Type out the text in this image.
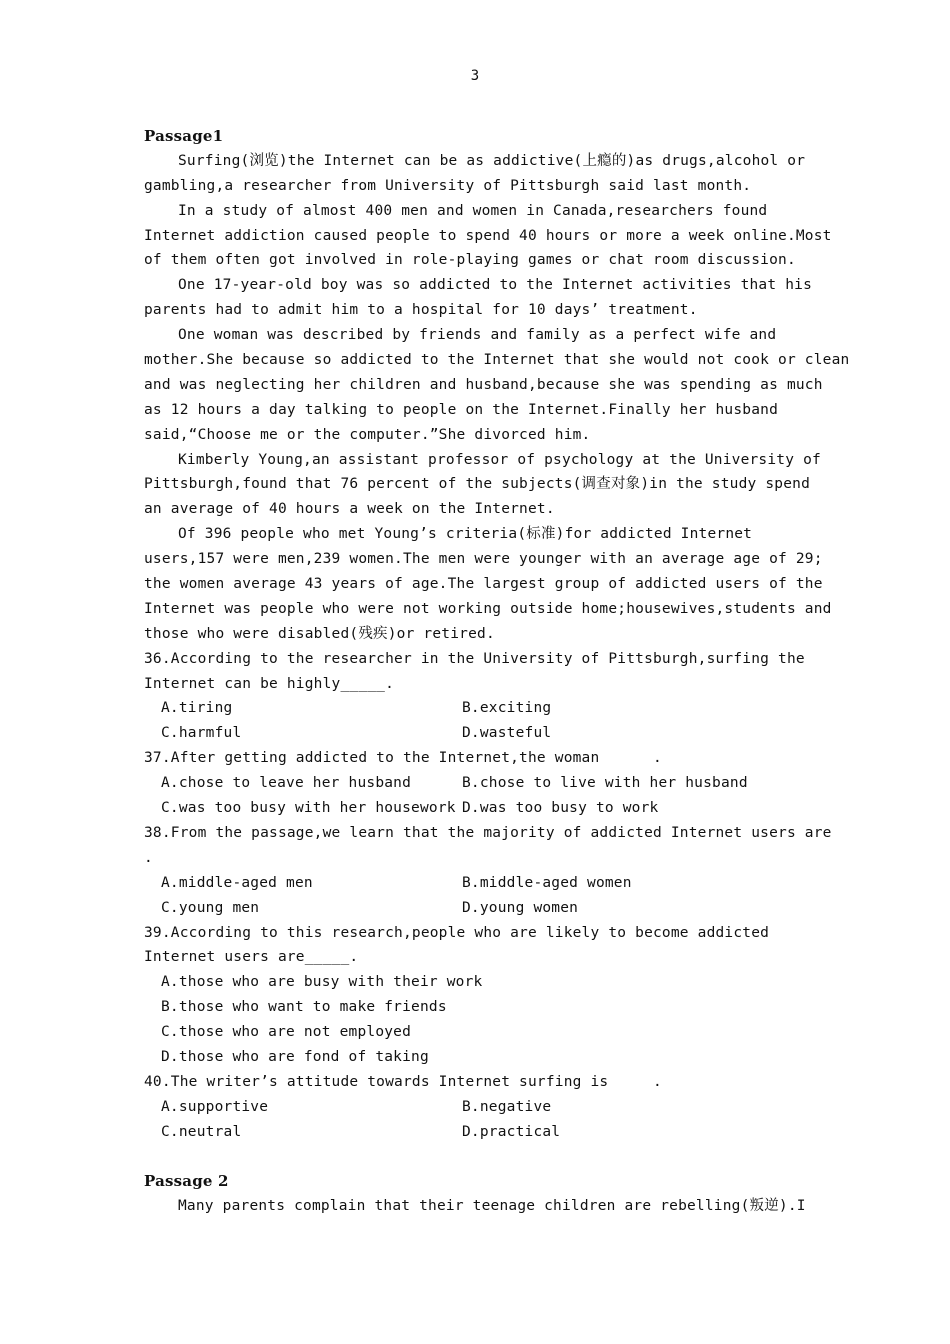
3
Passage1
Surfing(浏览)the Internet can be as addictive(上瘾的)as drugs,alcohol or
gambling,a researcher from University of Pittsburgh said last month.
In a study of almost 400 men and women in Canada,researchers found
Internet addiction caused people to spend 40 hours or more a week online.Most
of them often got involved in role-playing games or chat room discussion.
One 17-year-old boy was so addicted to the Internet activities that his
parents had to admit him to a hospital for 10 days’ treatment.
One woman was described by friends and family as a perfect wife and
mother.She because so addicted to the Internet that she would not cook or clean
and was neglecting her children and husband,because she was spending as much
as 12 hours a day talking to people on the Internet.Finally her husband
said,“Choose me or the computer.”She divorced him.
Kimberly Young,an assistant professor of psychology at the University of
Pittsburgh,found that 76 percent of the subjects(调查对象)in the study spend
an average of 40 hours a week on the Internet.
Of 396 people who met Young’s criteria(标准)for addicted Internet
users,157 were men,239 women.The men were younger with an average age of 29;
the women average 43 years of age.The largest group of addicted users of the
Internet was people who were not working outside home;housewives,students and
those who were disabled(残疾)or retired.
36.According to the researcher in the University of Pittsburgh,surfing the
Internet can be highly_____.

A.tiring

	B.exciting

C.harmful

	D.wasteful

37.After getting addicted to the Internet,the woman      .

A.chose to leave her husband

	B.chose to live with her husband

C.was too busy with her housework

D.was too busy to work

38.From the passage,we learn that the majority of addicted Internet users are
.

A.middle-aged men

	B.middle-aged women

C.young men

	D.young women

39.According to this research,people who are likely to become addicted
Internet users are_____.
A.those who are busy with their work
B.those who want to make friends
C.those who are not employed
D.those who are fond of taking
40.The writer’s attitude towards Internet surfing is     .

A.supportive

	B.negative

C.neutral

	D.practical

Passage 2
Many parents complain that their teenage children are rebelling(叛逆).I
